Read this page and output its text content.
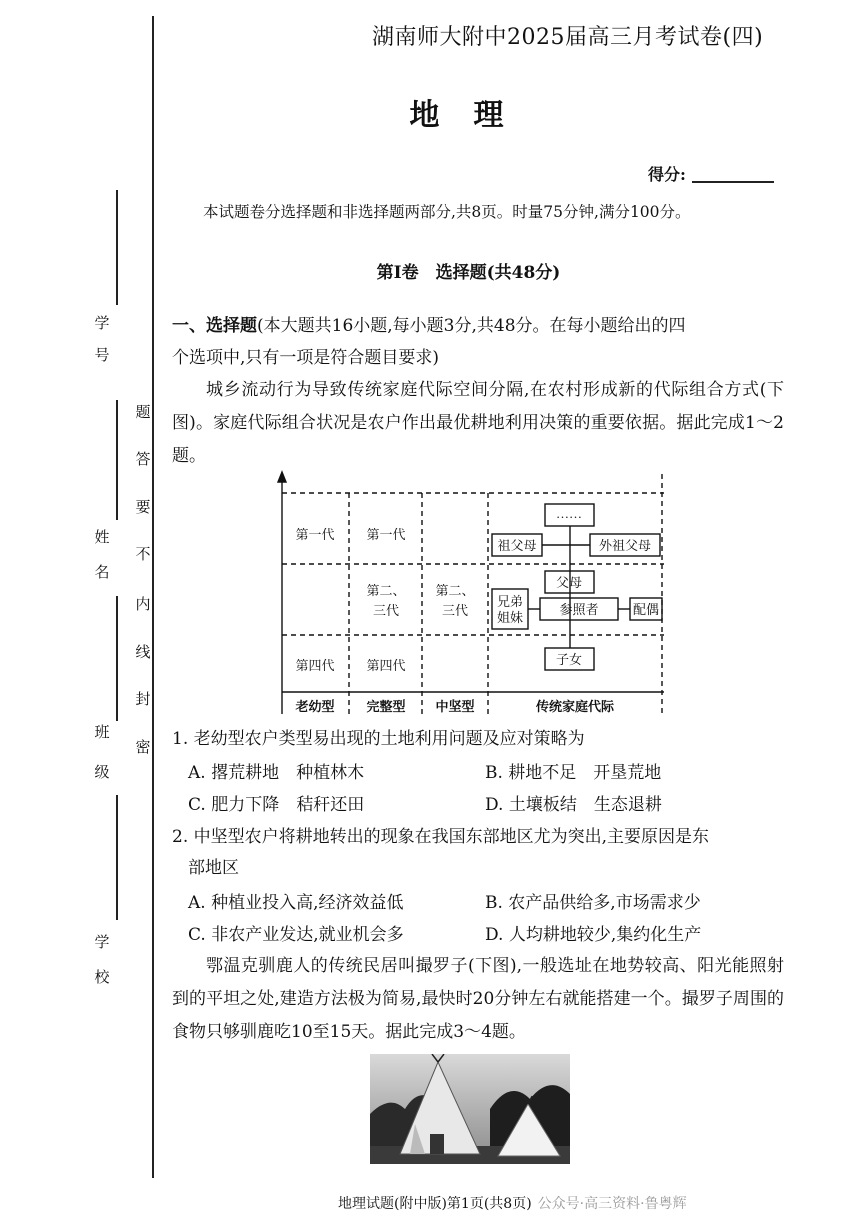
学
号
姓
名
班
级
学
校
题
答
要
不
内
线
封
密
湖南师大附中2025届高三月考试卷(四)
地理
得分:
本试题卷分选择题和非选择题两部分,共8页。时量75分钟,满分100分。
第Ⅰ卷　选择题(共48分)
一、选择题(本大题共16小题,每小题3分,共48分。在每小题给出的四
个选项中,只有一项是符合题目要求)
城乡流动行为导致传统家庭代际空间分隔,在农村形成新的代际组合方式(下图)。家庭代际组合状况是农户作出最优耕地利用决策的重要依据。据此完成1～2题。
第一代 第一代
第二、
三代
第二、
三代
第四代 第四代
老幼型 完整型 中坚型	传统家庭代际
……
祖父母	外祖父母
父母
兄弟
姐妹
参照者	配偶
子女
1. 老幼型农户类型易出现的土地利用问题及应对策略为
A. 撂荒耕地　种植林木	B. 耕地不足　开垦荒地
C. 肥力下降　秸秆还田	D. 土壤板结　生态退耕
2. 中坚型农户将耕地转出的现象在我国东部地区尤为突出,主要原因是东
部地区
A. 种植业投入高,经济效益低	B. 农产品供给多,市场需求少
C. 非农产业发达,就业机会多	D. 人均耕地较少,集约化生产
鄂温克驯鹿人的传统民居叫撮罗子(下图),一般选址在地势较高、阳光能照射到的平坦之处,建造方法极为简易,最快时20分钟左右就能搭建一个。撮罗子周围的食物只够驯鹿吃10至15天。据此完成3～4题。
地理试题(附中版)第1页(共8页) 公众号·高三资料·鲁粤辉
